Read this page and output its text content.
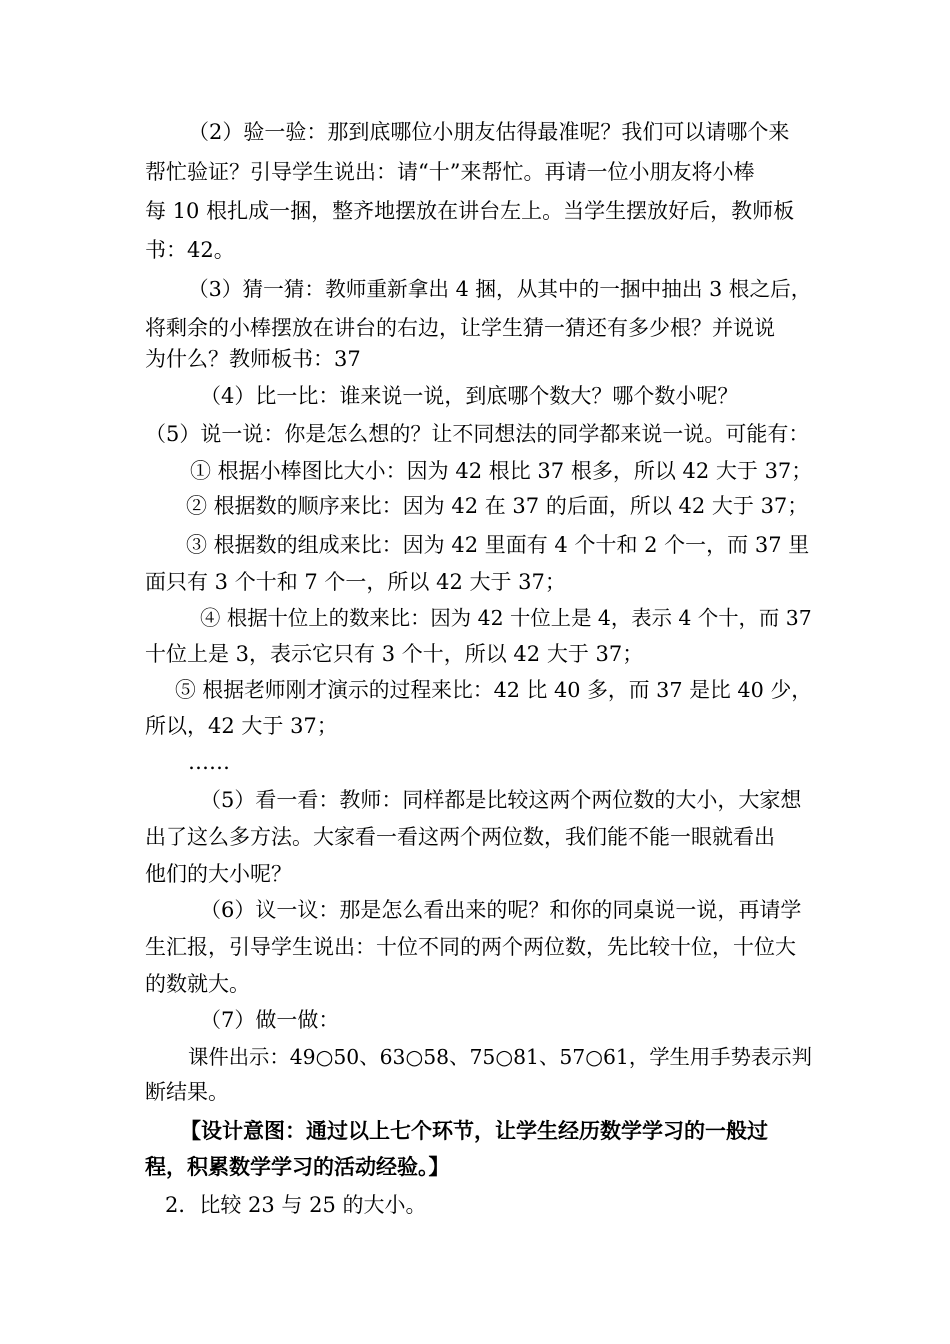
（2）验一验：那到底哪位小朋友估得最准呢？我们可以请哪个来
帮忙验证？引导学生说出：请“十”来帮忙。再请一位小朋友将小棒
每 10 根扎成一捆，整齐地摆放在讲台左上。当学生摆放好后，教师板
书：42。
（3）猜一猜：教师重新拿出 4 捆，从其中的一捆中抽出 3 根之后，
将剩余的小棒摆放在讲台的右边，让学生猜一猜还有多少根？并说说
为什么？教师板书：37
（4）比一比：谁来说一说，到底哪个数大？哪个数小呢？
（5）说一说：你是怎么想的？让不同想法的同学都来说一说。可能有：
① 根据小棒图比大小：因为 42 根比 37 根多，所以 42 大于 37；
② 根据数的顺序来比：因为 42 在 37 的后面，所以 42 大于 37；
③ 根据数的组成来比：因为 42 里面有 4 个十和 2 个一，而 37 里
面只有 3 个十和 7 个一，所以 42 大于 37；
④ 根据十位上的数来比：因为 42 十位上是 4，表示 4 个十，而 37
十位上是 3，表示它只有 3 个十，所以 42 大于 37；
⑤ 根据老师刚才演示的过程来比：42 比 40 多，而 37 是比 40 少，
所以，42 大于 37；
……
（5）看一看：教师：同样都是比较这两个两位数的大小，大家想
出了这么多方法。大家看一看这两个两位数，我们能不能一眼就看出
他们的大小呢？
（6）议一议：那是怎么看出来的呢？和你的同桌说一说，再请学
生汇报，引导学生说出：十位不同的两个两位数，先比较十位，十位大
的数就大。
（7）做一做：
课件出示：49○50、63○58、75○81、57○61，学生用手势表示判
断结果。
【设计意图：通过以上七个环节，让学生经历数学学习的一般过
程，积累数学学习的活动经验。】
2．比较 23 与 25 的大小。
